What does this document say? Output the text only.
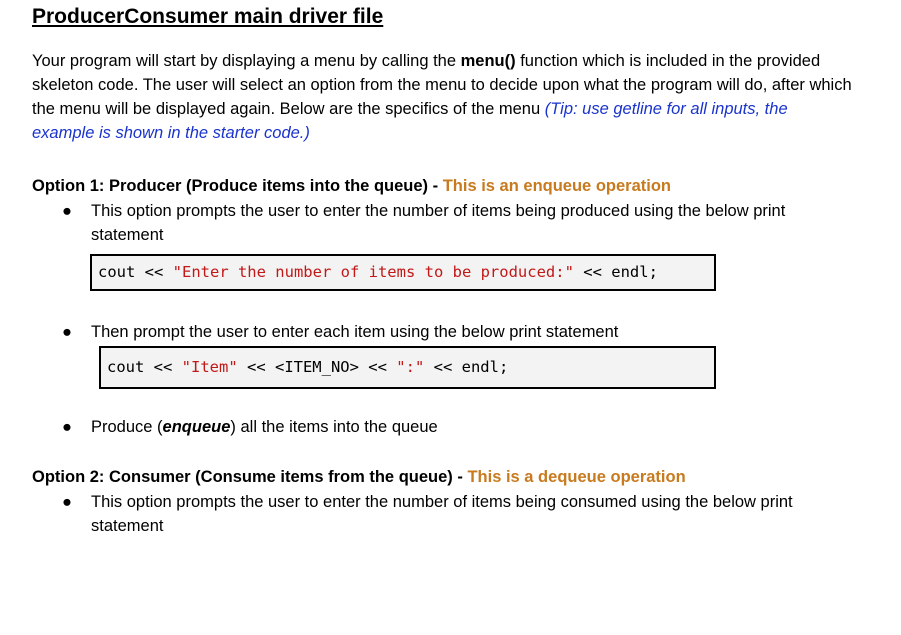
ProducerConsumer main driver file

Your program will start by displaying a menu by calling the menu() function which is included in the provided skeleton code. The user will select an option from the menu to decide upon what the program will do, after which the menu will be displayed again. Below are the specifics of the menu (Tip: use getline for all inputs, the example is shown in the starter code.)

Option 1: Producer (Produce items into the queue) - This is an enqueue operation

● This option prompts the user to enter the number of items being produced using the below print statement
cout << "Enter the number of items to be produced:" << endl;
● Then prompt the user to enter each item using the below print statement
cout << "Item" << <ITEM_NO> << ":" << endl;
● Produce (enqueue) all the items into the queue

Option 2: Consumer (Consume items from the queue) - This is a dequeue operation

● This option prompts the user to enter the number of items being consumed using the below print statement
